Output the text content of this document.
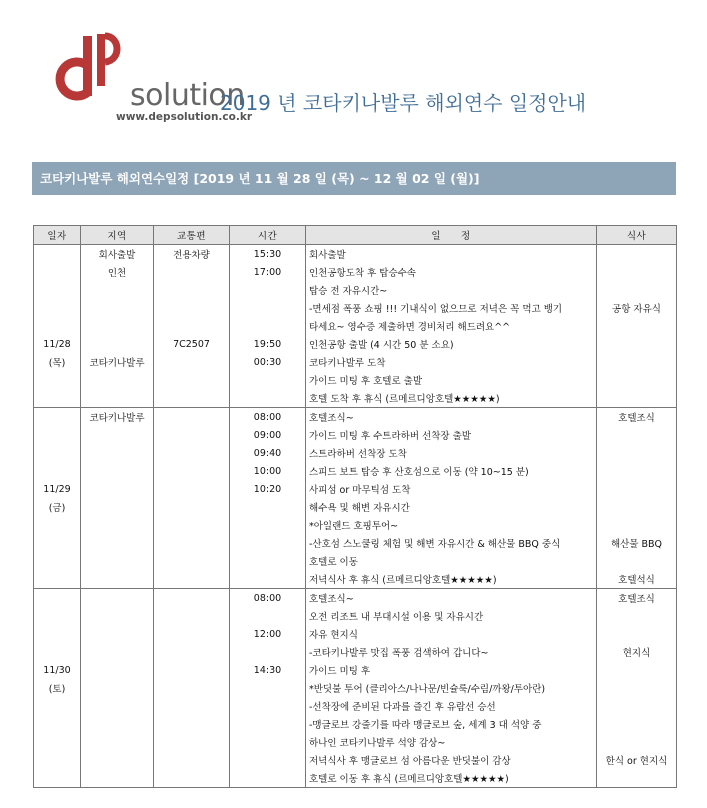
solution
www.depsolution.co.kr
2019 년 코타키나발루 해외연수 일정안내
코타키나발루 해외연수일정 [2019 년 11 월 28 일 (목) ~ 12 월 02 일 (월)]
일자	지역	교통편	시간	일　　정	식사
	회사출발	전용차량	15:30	회사출발	
	인천		17:00	인천공항도착 후 탑승수속	
				탑승 전 자유시간~	
				-면세점 폭풍 쇼핑 !!! 기내식이 없으므로 저녁은 꼭 먹고 뱅기	공항 자유식
				타세요~ 영수증 제출하면 경비처리 해드려요^^	
11/28		7C2507	19:50	인천공항 출발 (4 시간 50 분 소요)	
(목)	코타키나발루		00:30	코타키나발루 도착	
				가이드 미팅 후 호텔로 출발	
				호텔 도착 후 휴식 (르메르디앙호텔★★★★★)	
	코타키나발루		08:00	호텔조식~	호텔조식
			09:00	가이드 미팅 후 수트라하버 선착장 출발	
			09:40	스트라하버 선착장 도착	
			10:00	스피드 보트 탑승 후 산호섬으로 이동 (약 10~15 분)	
11/29			10:20	사피섬 or 마무틱섬 도착	
(금)				해수욕 및 해변 자유시간	
				*아일랜드 호핑투어~	
				-산호섬 스노쿨링 체험 및 해변 자유시간 & 해산물 BBQ 중식	해산물 BBQ
				호텔로 이동	
				저녁식사 후 휴식 (르메르디앙호텔★★★★★)	호텔석식
			08:00	호텔조식~	호텔조식
				오전 리조트 내 부대시설 이용 및 자유시간	
			12:00	자유 현지식	
				-코타키나발루 맛집 폭풍 검색하여 갑니다~	현지식
11/30			14:30	가이드 미팅 후	
(토)				*반딧불 투어 (클리아스/나나문/빈슐룩/수림/까왕/투아란)	
				-선착장에 준비된 다과를 즐긴 후 유람선 승선	
				-맹글로브 강줄기를 따라 맹글로브 숲, 세계 3 대 석양 중	
				하나인 코타키나발루 석양 감상~	
				저녁식사 후 맹글로브 섬 아름다운 반딧불이 감상	한식 or 현지식
				호텔로 이동 후 휴식 (르메르디앙호텔★★★★★)	
